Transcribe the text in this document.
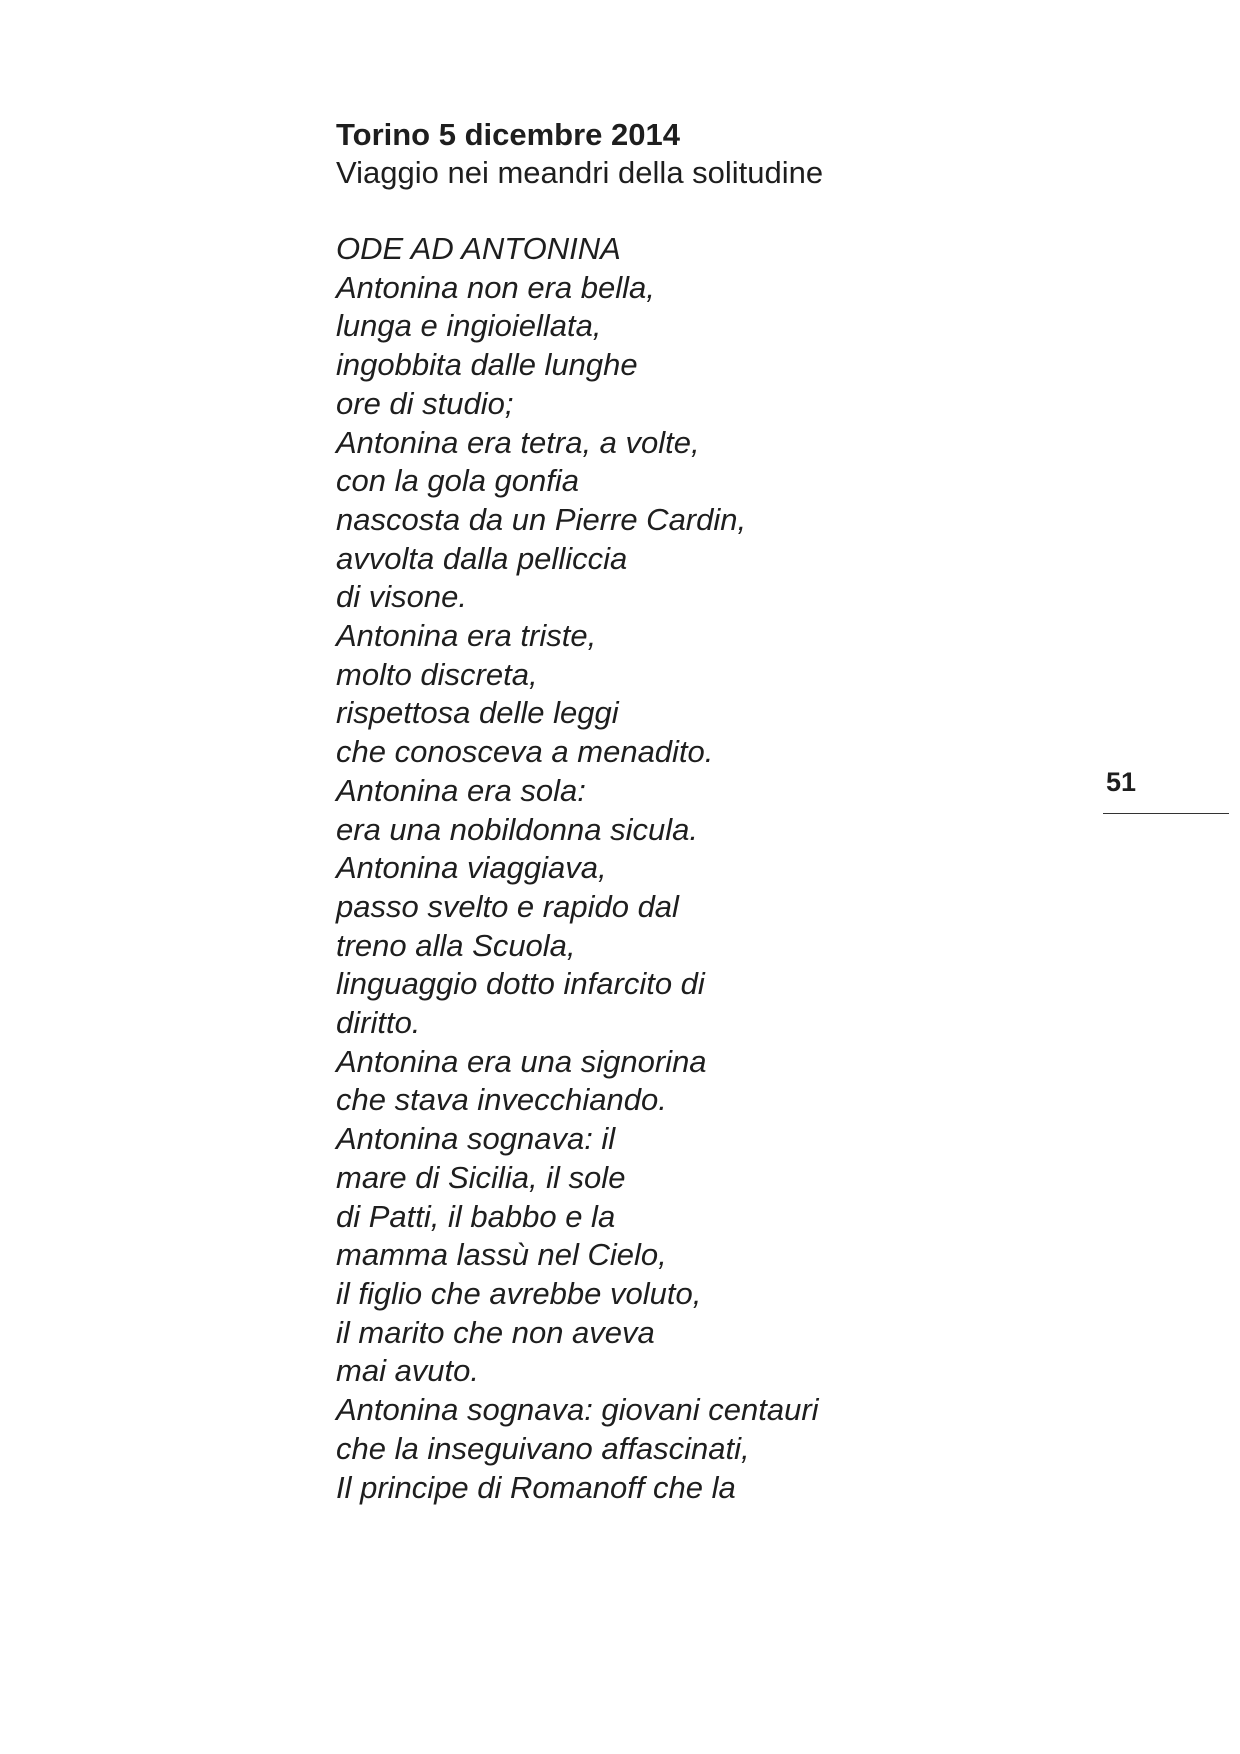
Torino 5 dicembre 2014

Viaggio nei meandri della solitudine

ODE AD ANTONINA

Antonina non era bella,
lunga e ingioiellata,
ingobbita dalle lunghe
ore di studio;
Antonina era tetra, a volte,
con la gola gonfia
nascosta da un Pierre Cardin,
avvolta dalla pelliccia
di visone.
Antonina era triste,
molto discreta,
rispettosa delle leggi
che conosceva a menadito.
Antonina era sola:
era una nobildonna sicula.
Antonina viaggiava,
passo svelto e rapido dal
treno alla Scuola,
linguaggio dotto infarcito di
diritto.
Antonina era una signorina
che stava invecchiando.
Antonina sognava: il
mare di Sicilia, il sole
di Patti, il babbo e la
mamma lassù nel Cielo,
il figlio che avrebbe voluto,
il marito che non aveva
mai avuto.
Antonina sognava: giovani centauri
che la inseguivano affascinati,
Il principe di Romanoff che la
51
